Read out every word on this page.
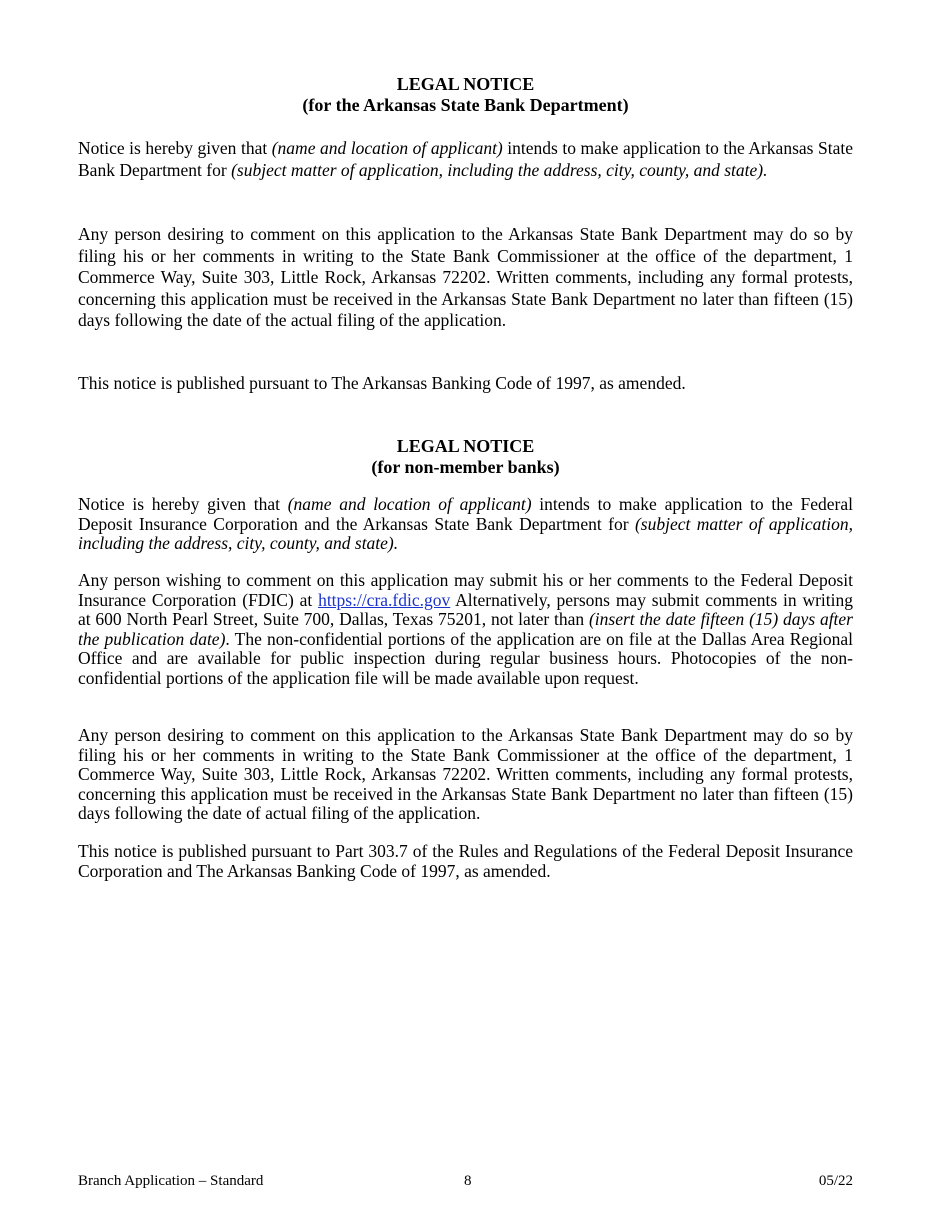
LEGAL NOTICE
(for the Arkansas State Bank Department)

Notice is hereby given that (name and location of applicant) intends to make application to the Arkansas State Bank Department for (subject matter of application, including the address, city, county, and state).

Any person desiring to comment on this application to the Arkansas State Bank Department may do so by filing his or her comments in writing to the State Bank Commissioner at the office of the department, 1 Commerce Way, Suite 303, Little Rock, Arkansas 72202. Written comments, including any formal protests, concerning this application must be received in the Arkansas State Bank Department no later than fifteen (15) days following the date of the actual filing of the application.

This notice is published pursuant to The Arkansas Banking Code of 1997, as amended.

LEGAL NOTICE
(for non-member banks)

Notice is hereby given that (name and location of applicant) intends to make application to the Federal Deposit Insurance Corporation and the Arkansas State Bank Department for (subject matter of application, including the address, city, county, and state).

Any person wishing to comment on this application may submit his or her comments to the Federal Deposit Insurance Corporation (FDIC) at https://cra.fdic.gov Alternatively, persons may submit comments in writing at 600 North Pearl Street, Suite 700, Dallas, Texas 75201, not later than (insert the date fifteen (15) days after the publication date). The non-confidential portions of the application are on file at the Dallas Area Regional Office and are available for public inspection during regular business hours. Photocopies of the non-confidential portions of the application file will be made available upon request.

Any person desiring to comment on this application to the Arkansas State Bank Department may do so by filing his or her comments in writing to the State Bank Commissioner at the office of the department, 1 Commerce Way, Suite 303, Little Rock, Arkansas 72202. Written comments, including any formal protests, concerning this application must be received in the Arkansas State Bank Department no later than fifteen (15) days following the date of actual filing of the application.

This notice is published pursuant to Part 303.7 of the Rules and Regulations of the Federal Deposit Insurance Corporation and The Arkansas Banking Code of 1997, as amended.

Branch Application – Standard	8	05/22
